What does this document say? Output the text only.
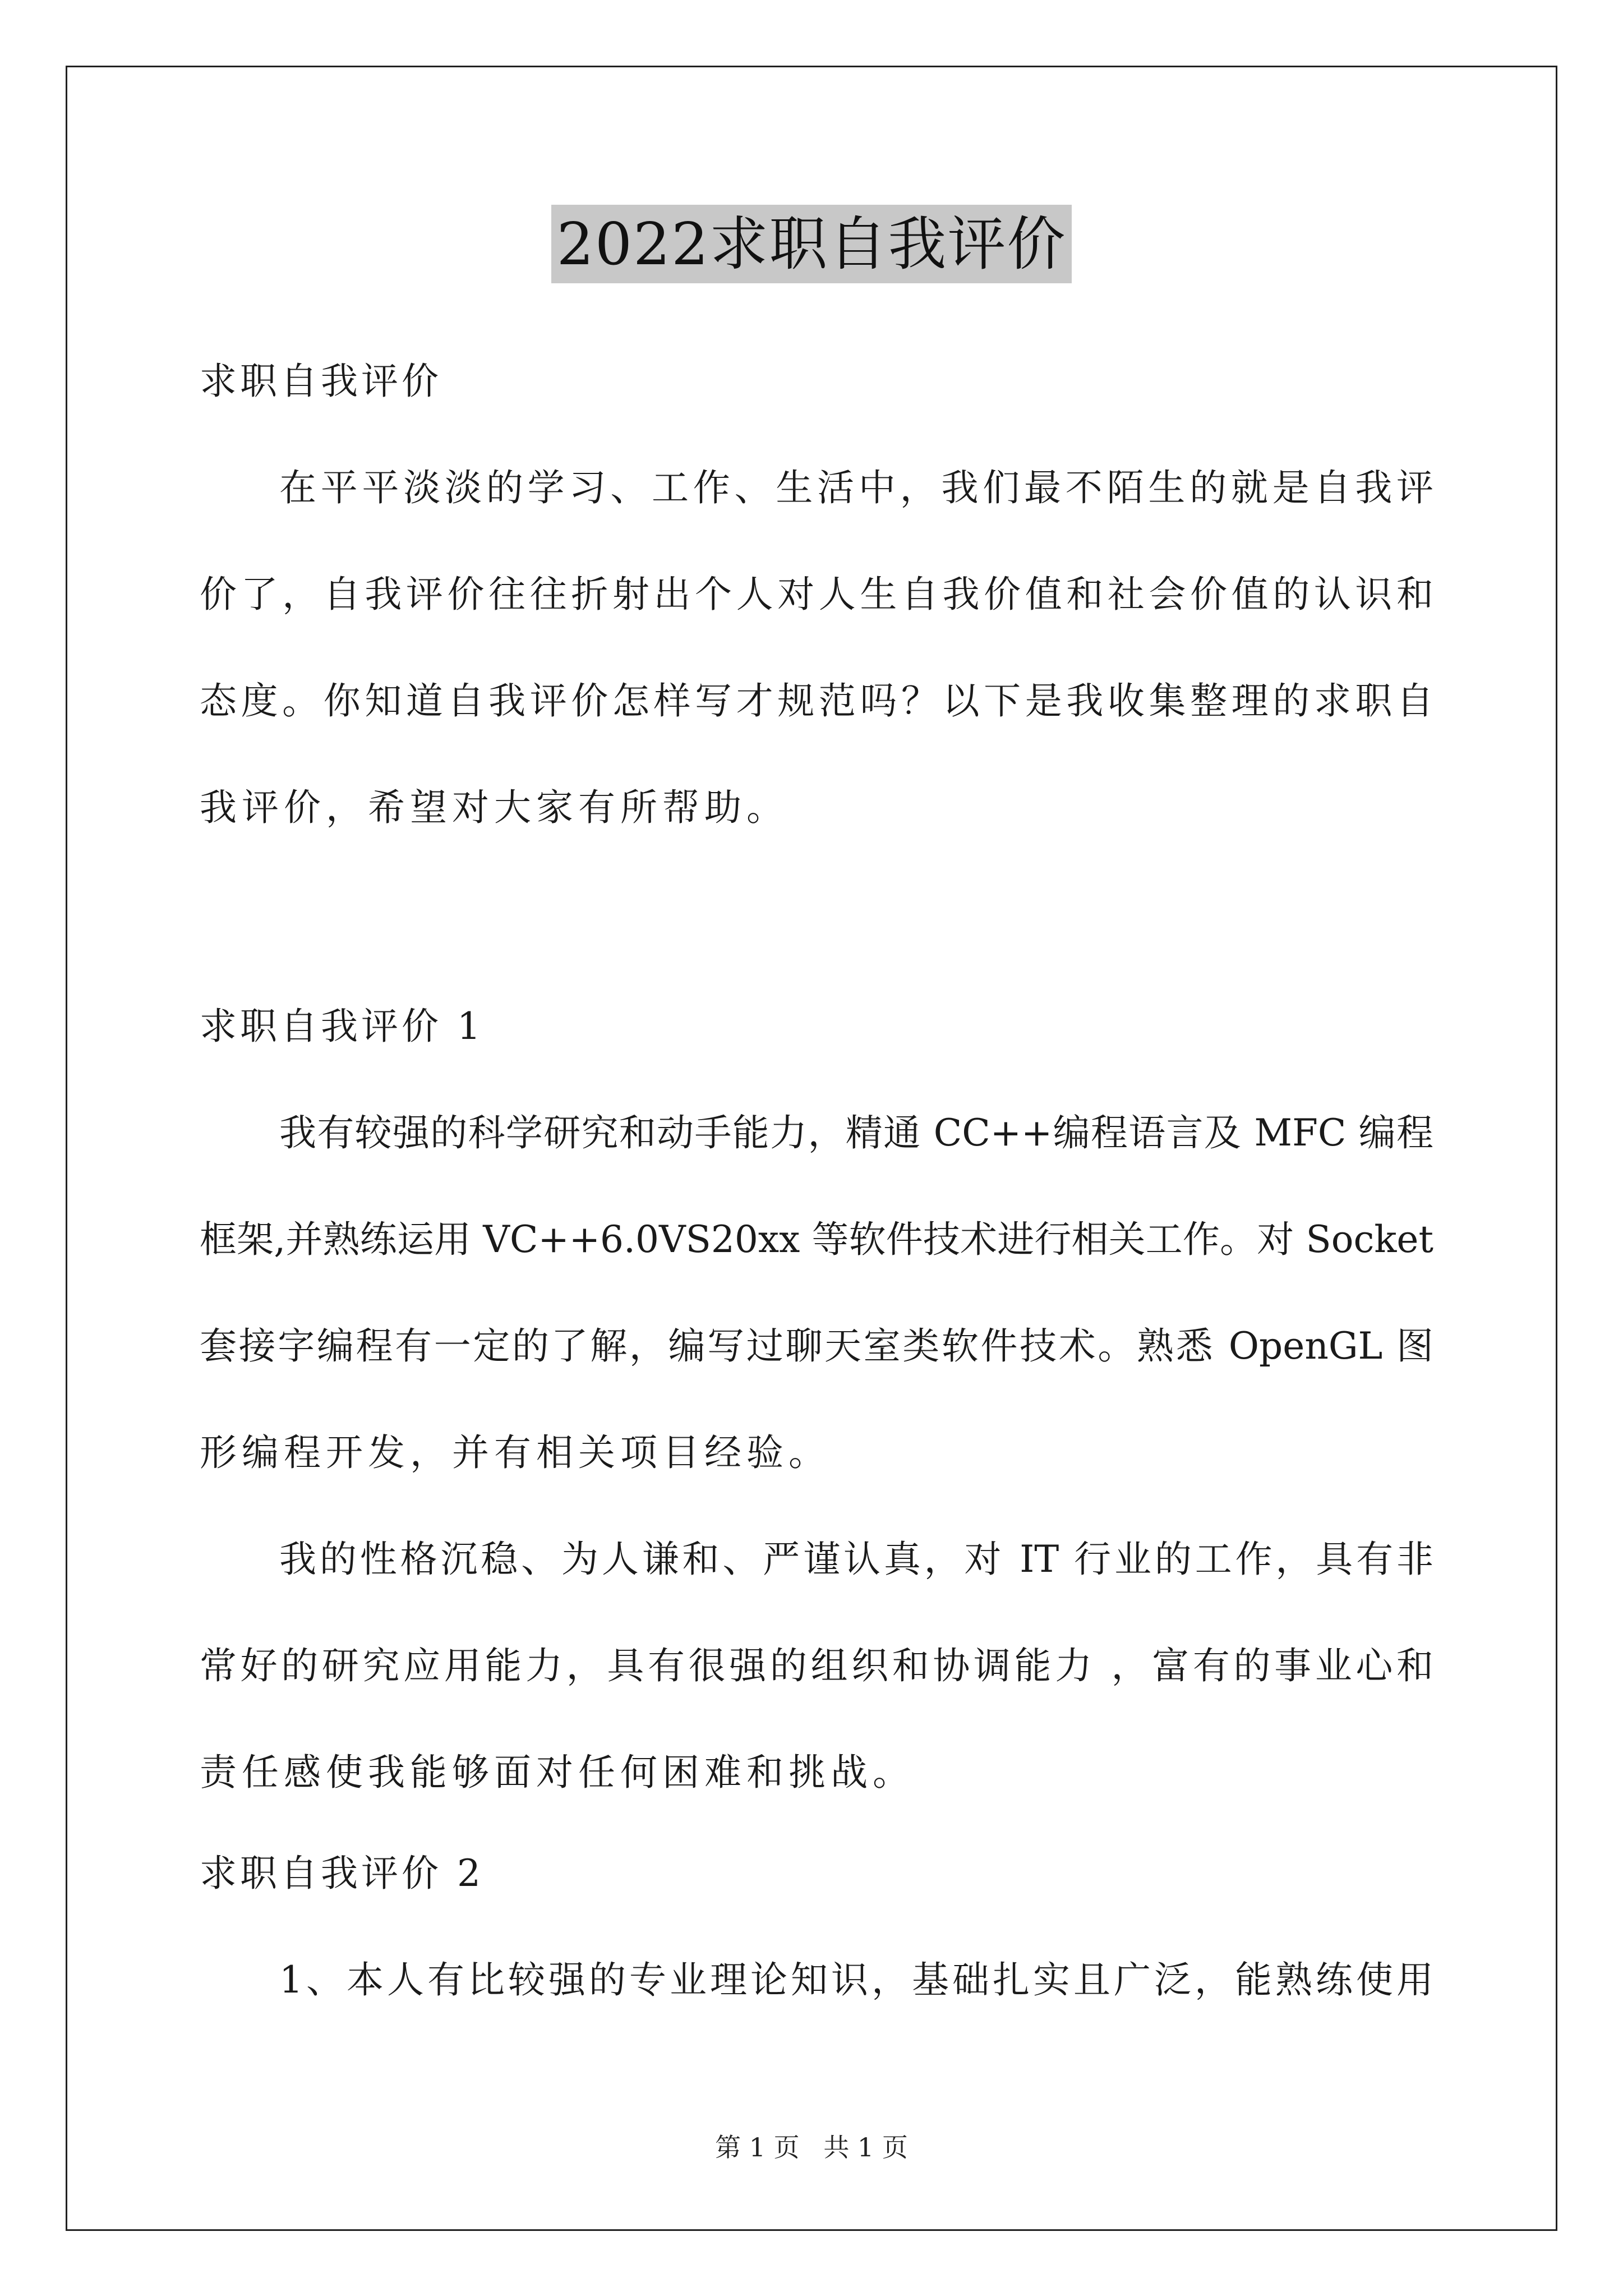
2022求职自我评价
求职自我评价
在平平淡淡的学习、工作、生活中，我们最不陌生的就是自我评
价了，自我评价往往折射出个人对人生自我价值和社会价值的认识和
态度。你知道自我评价怎样写才规范吗？以下是我收集整理的求职自
我评价，希望对大家有所帮助。
求职自我评价 1
我有较强的科学研究和动手能力，精通 CC++编程语言及 MFC 编程
框架,并熟练运用 VC++6.0VS20xx 等软件技术进行相关工作。对 Socket
套接字编程有一定的了解，编写过聊天室类软件技术。熟悉 OpenGL 图
形编程开发，并有相关项目经验。
我的性格沉稳、为人谦和、严谨认真，对 IT 行业的工作，具有非
常好的研究应用能力，具有很强的组织和协调能力 ，富有的事业心和
责任感使我能够面对任何困难和挑战。
求职自我评价 2
1、本人有比较强的专业理论知识，基础扎实且广泛，能熟练使用
第 1 页 共 1 页
